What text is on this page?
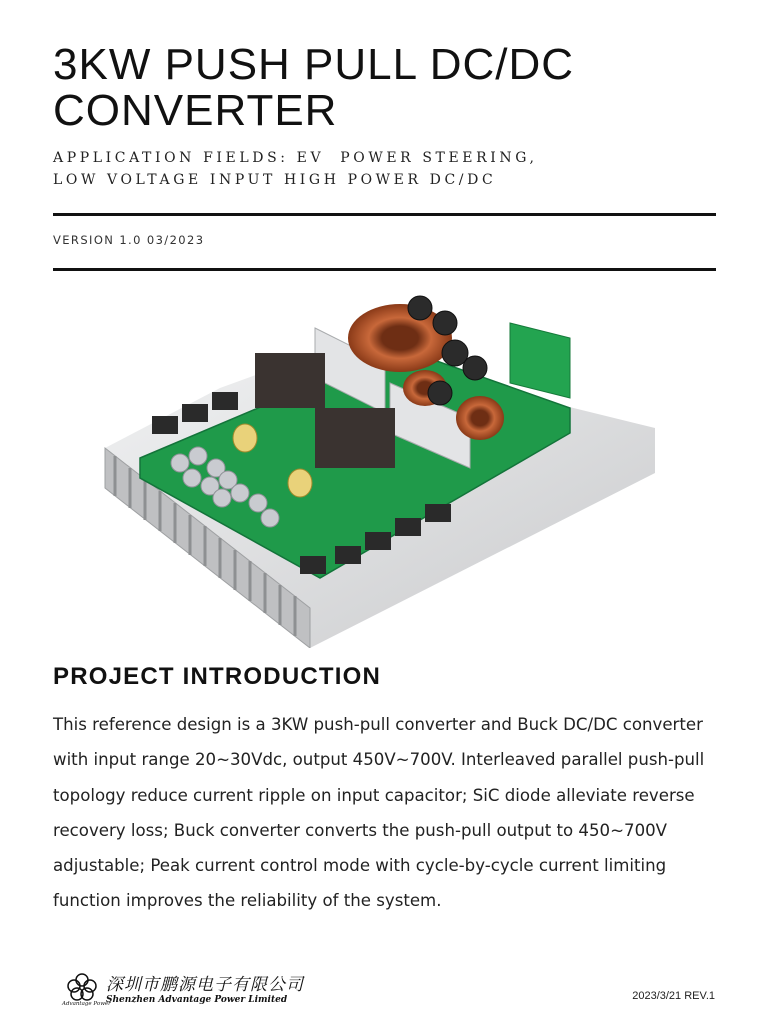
3KW PUSH PULL DC/DC
CONVERTER

APPLICATION FIELDS: EV  POWER STEERING,
LOW VOLTAGE INPUT HIGH POWER DC/DC

VERSION 1.0 03/2023
PROJECT INTRODUCTION

This reference design is a 3KW push-pull converter and Buck DC/DC converter with input range 20~30Vdc, output 450V~700V. Interleaved parallel push-pull topology reduce current ripple on input capacitor; SiC diode alleviate reverse recovery loss; Buck converter converts the push-pull output to 450~700V adjustable; Peak current control mode with cycle-by-cycle current limiting function improves the reliability of the system.

Advantage Power
深圳市鹏源电子有限公司
Shenzhen Advantage Power Limited	2023/3/21 REV.1
